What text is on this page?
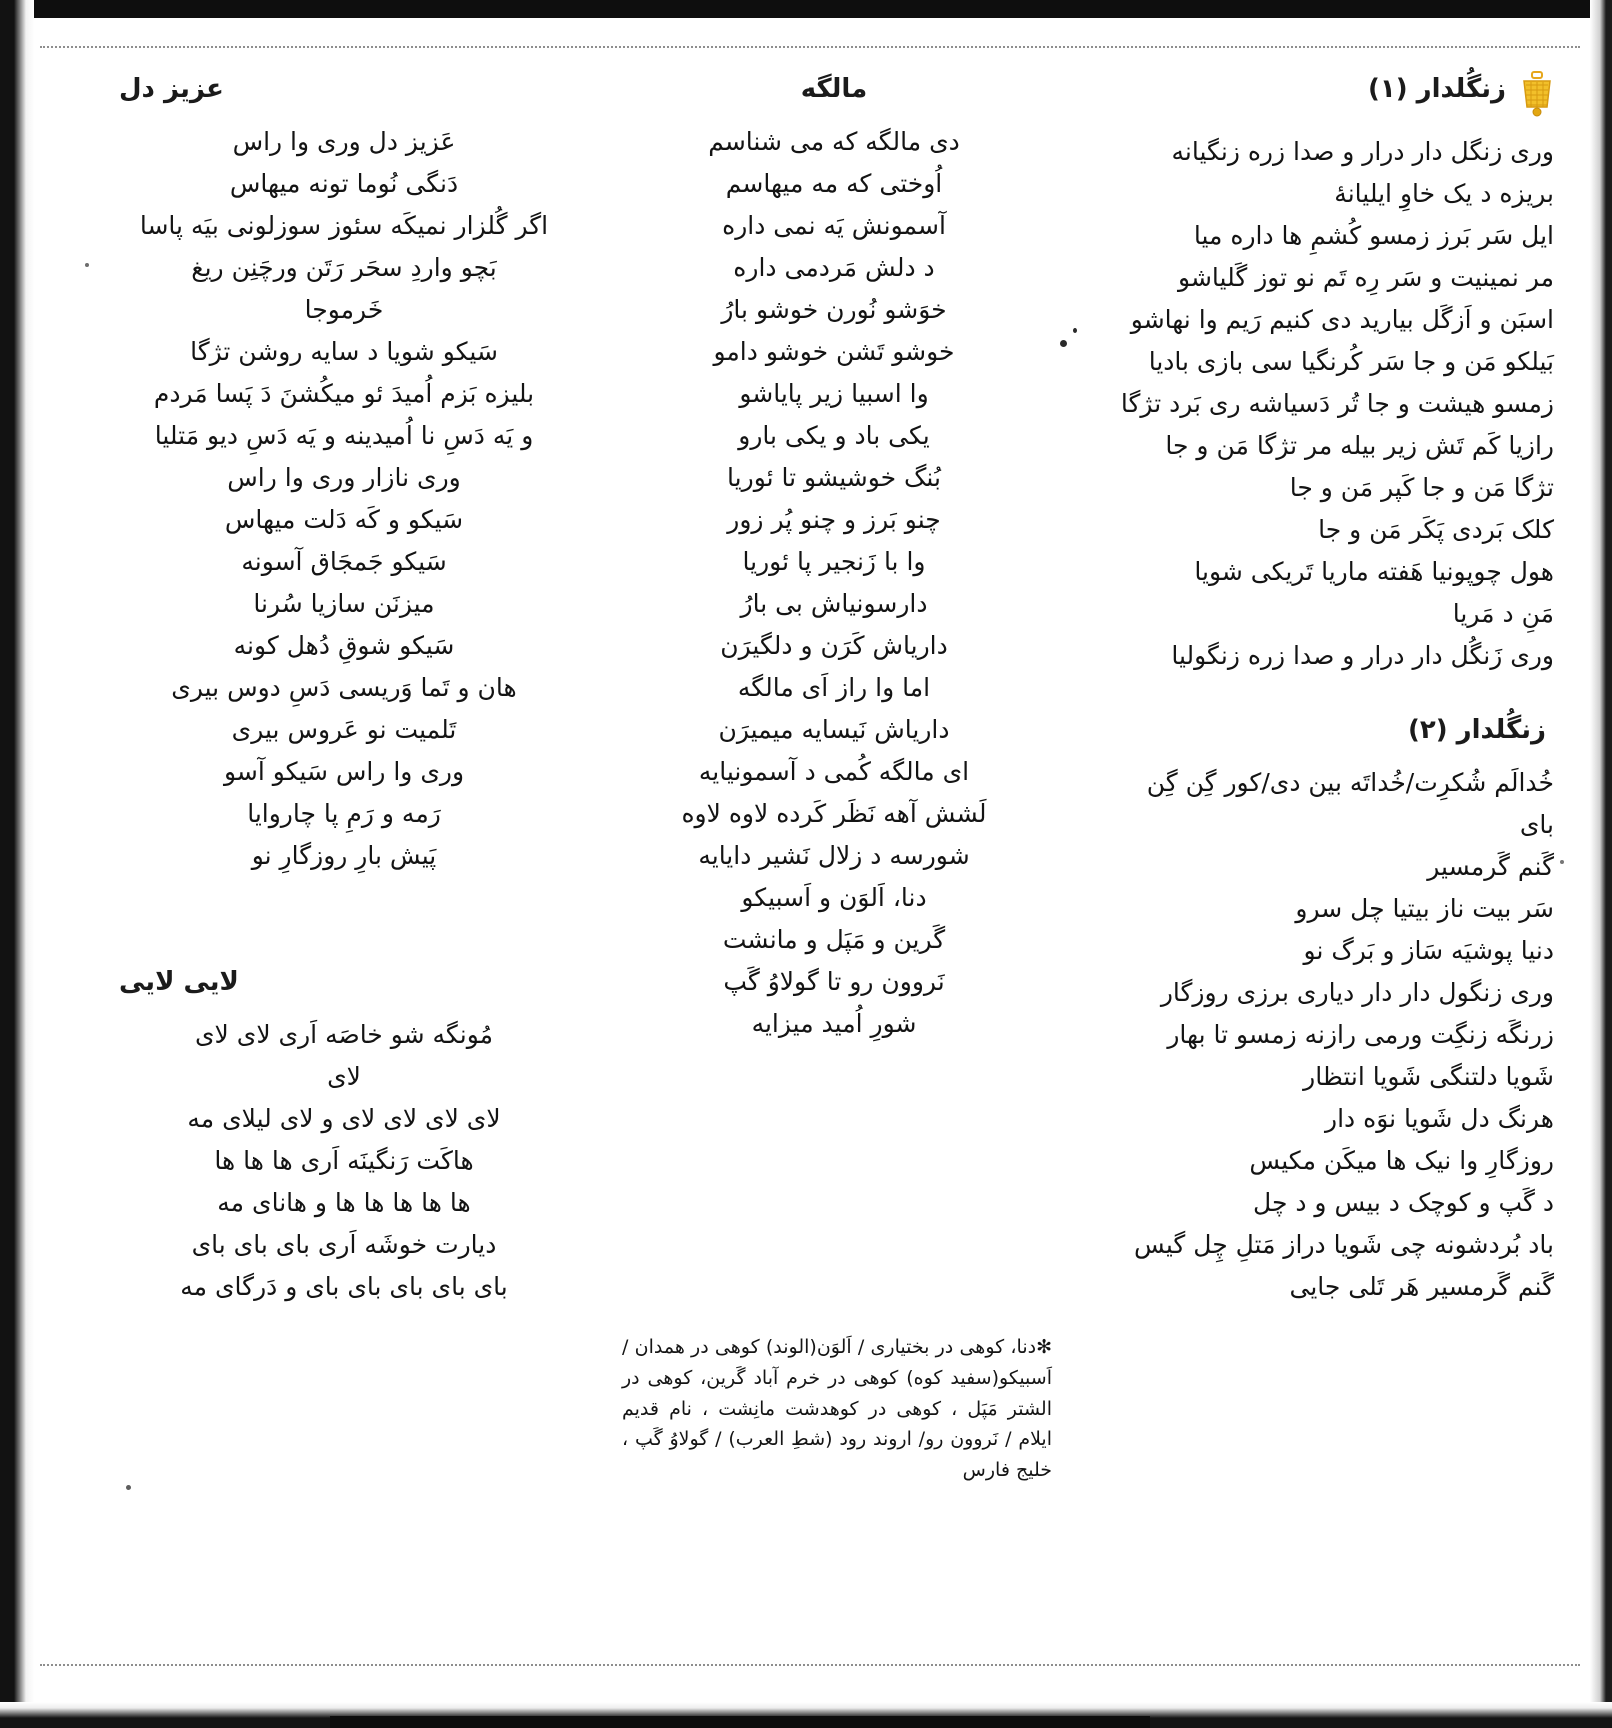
زنگُلدار (۱)
وری زنگل دار درار و صدا زره زنگیانه
بریزه د یک خاوِ ایلیانهٔ
ایل سَر بَرز زمسو کُشمِ ها داره میا
مر نمینیت و سَر رِه تَم نو توز گَلیاشو
اسبَن و اَزگَل بیارید دی کنیم رَیم وا نهاشو
بَیلکو مَن و جا سَر کُرنگیا سی بازی بادیا
زمسو هیشت و جا تُر دَسیاشه ری بَرد تژگا
رازیا کَم تَش زیر بیله مر تژگا مَن و جا
تژگا مَن و جا کَپر مَن و جا
کلک بَردی پَکَر مَن و جا
هول چوپونیا هَفته ماریا تَریکی شویا
مَنِ د مَریا
وری زَنگُل دار درار و صدا زره زنگولیا
زنگُلدار (۲)
خُدالَم شُکرِت/خُداتَه بین دی/کور گِن گِن
بای
گَنم گَرمسیر
سَر بیت ناز بیتیا چل سرو
دنیا پوشیَه سَاز و بَرگ نو
وری زنگول دار دار دیاری برزی روزگار
زرنگَه زنگِت ورمی رازنه زمسو تا بهار
شَویا دلتنگی شَویا انتظار
هرنگ دل شَویا نوَه دار
روزگارِ وا نیک ها میکَن مکیس
د گَپ و کوچک د بیس و د چل
باد بُردشونه چی شَویا دراز مَتلِ چِل گیس
گَنم گَرمسیر هَر تَلی جایی
مالگه
دی مالگه که می شناسم
اُوختی که مه میهاسم
آسمونش یَه نمی داره
د دلش مَردمی داره
خوَشو نُورن خوشو بارُ
خوشو تَشن خوشو دامو
وا اسبیا زیر پایاشو
یکی باد و یکی بارو
بُنگ خوشیشو تا ئوریا
چنو بَرز و چنو پُر زور
وا با زَنجیر پا ئوریا
دارسونیاش بی بارُ
داریاش کَرَن و دلگیرَن
اما وا راز اَی مالگه
داریاش نَیسایه میمیرَن
ای مالگه کُمی د آسمونیایه
لَشش آهه نَظَر کَرده لاوه لاوه
شورسه د زلال نَشیر دایایه
دنا، اَلوَن و اَسبیکو
گَرین و مَپَل و مانشت
نَروون رو تا گولاوُ گَپ
شورِ اُمید میزایه
عزیز دل
عَزیز دل وری وا راس
دَنگی نُوما تونه میهاس
اگر گُلزار نمیکَه سئوز سوزلونی بیَه پاسا
بَچو واردِ سحَر رَتَن ورچَنِن ریغ
خَرموجا
سَیکو شویا د سایه روشن تژگا
بلیزه بَزم اُمیدَ ئو میکُشنَ دَ پَسا مَردم
و یَه دَسِ نا اُمیدینه و یَه دَسِ دیو مَتلیا
وری نازار وری وا راس
سَیکو و کَه دَلت میهاس
سَیکو جَمجَاق آسونه
میزنَن سازیا سُرنا
سَیکو شوقِ دُهل کونه
هان و تَما وَریسی دَسِ دوس بیری
تَلمیت نو عَروس بیری
وری وا راس سَیکو آسو
رَمه و رَمِ پا چاروایا
پَیش بارِ روزگارِ نو
لایی لایی
مُونگه شو خاصَه اَری لای لای
لای
لای لای لای لای و لای لیلای مه
هاکَت رَنگینَه اَری ها ها ها
ها ها ها ها ها و هانای مه
دیارت خوشَه اَری بای بای بای
بای بای بای بای بای و دَرگای مه
✻دنا، کوهی در بختیاری / اَلوَن(الوند) کوهی در همدان / اَسبیکو(سفید کوه) کوهی در خرم آباد گَرین، کوهی در الشتر مَپَل ، کوهی در کوهدشت مانِشت ، نام قدیم ایلام / نَروون رو/ اروند رود (شطِ العرب) / گولاوُ گَپ ، خلیج فارس
